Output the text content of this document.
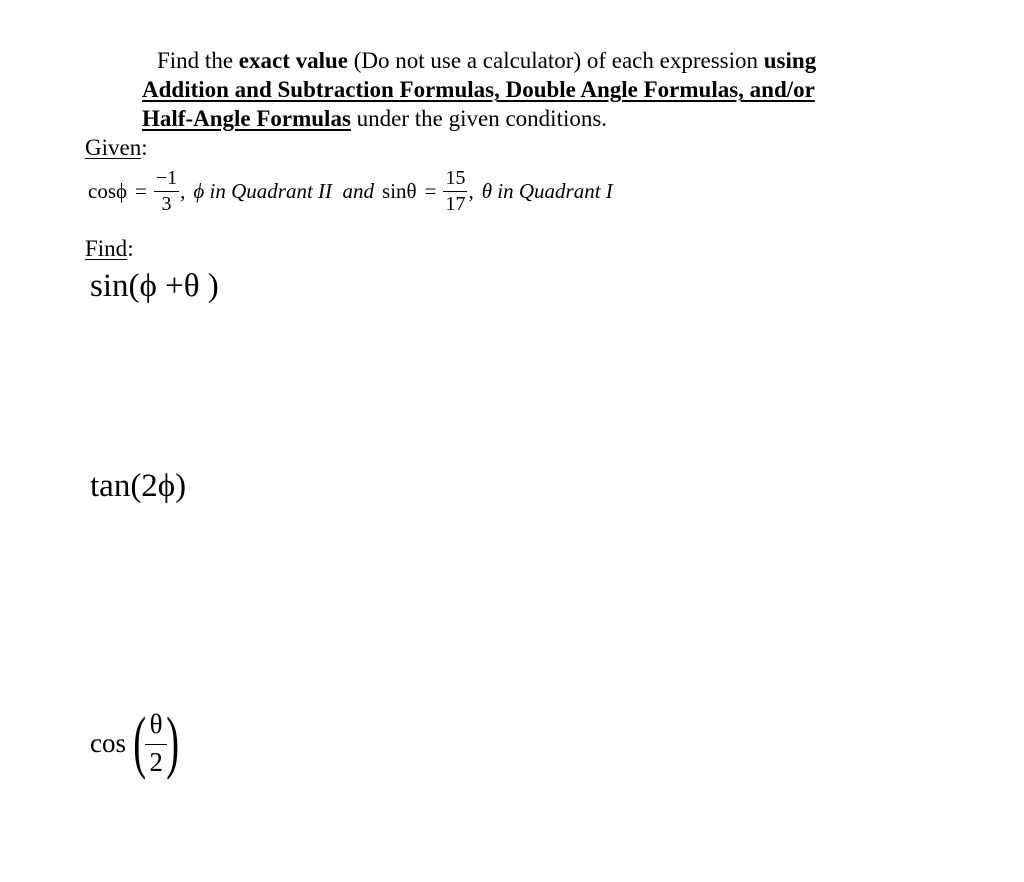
Find the exact value (Do not use a calculator) of each expression using
Addition and Subtraction Formulas, Double Angle Formulas, and/or
Half-Angle Formulas under the given conditions.
Given:
$\cos\phi = \frac{-1}{3}$ , ϕ in Quadrant II  and $\sin\theta = \frac{15}{17}$ , θ in Quadrant I
Find:
sin(ϕ +θ )
tan(2ϕ)
cos ( $\frac{\theta}{2}$ )
